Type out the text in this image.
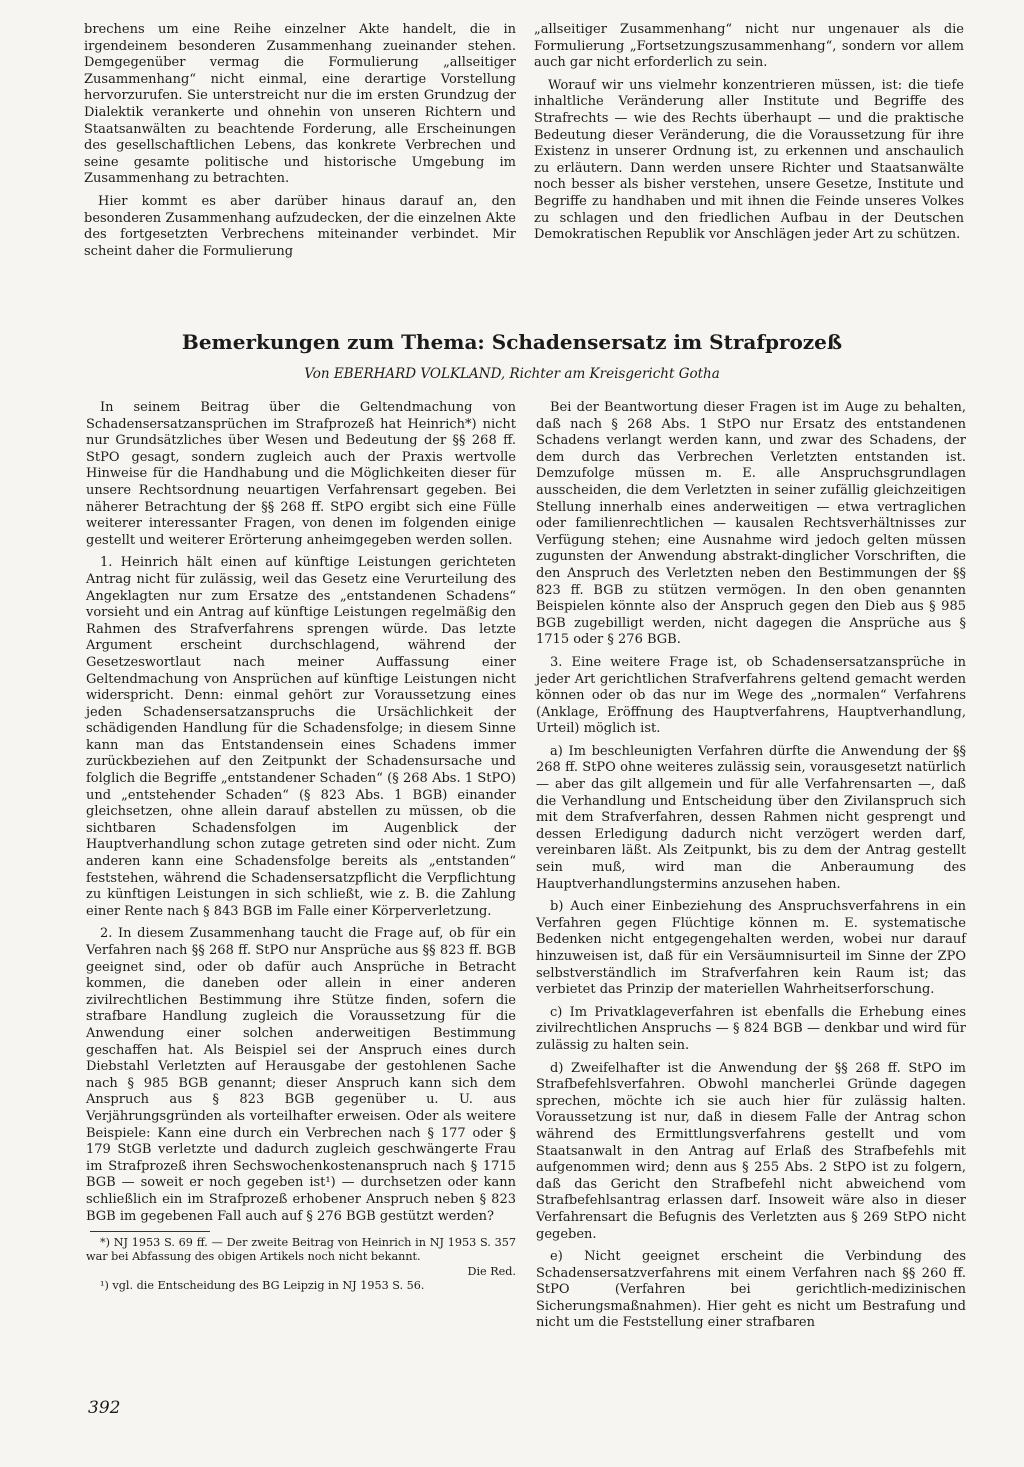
brechens um eine Reihe einzelner Akte handelt, die in irgendeinem besonderen Zusammenhang zueinander stehen. Demgegenüber vermag die Formulierung „allseitiger Zusammenhang“ nicht einmal, eine derartige Vorstellung hervorzurufen. Sie unterstreicht nur die im ersten Grundzug der Dialektik verankerte und ohnehin von unseren Richtern und Staatsanwälten zu beachtende Forderung, alle Erscheinungen des gesellschaftlichen Lebens, das konkrete Verbrechen und seine gesamte politische und historische Umgebung im Zusammenhang zu betrachten.

Hier kommt es aber darüber hinaus darauf an, den besonderen Zusammenhang aufzudecken, der die einzelnen Akte des fortgesetzten Verbrechens miteinander verbindet. Mir scheint daher die Formulierung

„allseitiger Zusammenhang“ nicht nur ungenauer als die Formulierung „Fortsetzungszusammenhang“, sondern vor allem auch gar nicht erforderlich zu sein.

Worauf wir uns vielmehr konzentrieren müssen, ist: die tiefe inhaltliche Veränderung aller Institute und Begriffe des Strafrechts — wie des Rechts überhaupt — und die praktische Bedeutung dieser Veränderung, die die Voraussetzung für ihre Existenz in unserer Ordnung ist, zu erkennen und anschaulich zu erläutern. Dann werden unsere Richter und Staatsanwälte noch besser als bisher verstehen, unsere Gesetze, Institute und Begriffe zu handhaben und mit ihnen die Feinde unseres Volkes zu schlagen und den friedlichen Aufbau in der Deutschen Demokratischen Republik vor Anschlägen jeder Art zu schützen.

Bemerkungen zum Thema: Schadensersatz im Strafprozeß
Von EBERHARD VOLKLAND, Richter am Kreisgericht Gotha

In seinem Beitrag über die Geltendmachung von Schadensersatzansprüchen im Strafprozeß hat Heinrich*) nicht nur Grundsätzliches über Wesen und Bedeutung der §§ 268 ff. StPO gesagt, sondern zugleich auch der Praxis wertvolle Hinweise für die Handhabung und die Möglichkeiten dieser für unsere Rechtsordnung neuartigen Verfahrensart gegeben. Bei näherer Betrachtung der §§ 268 ff. StPO ergibt sich eine Fülle weiterer interessanter Fragen, von denen im folgenden einige gestellt und weiterer Erörterung anheimgegeben werden sollen.

1. Heinrich hält einen auf künftige Leistungen gerichteten Antrag nicht für zulässig, weil das Gesetz eine Verurteilung des Angeklagten nur zum Ersatze des „entstandenen Schadens“ vorsieht und ein Antrag auf künftige Leistungen regelmäßig den Rahmen des Strafverfahrens sprengen würde. Das letzte Argument erscheint durchschlagend, während der Gesetzeswortlaut nach meiner Auffassung einer Geltendmachung von Ansprüchen auf künftige Leistungen nicht widerspricht. Denn: einmal gehört zur Voraussetzung eines jeden Schadensersatzanspruchs die Ursächlichkeit der schädigenden Handlung für die Schadensfolge; in diesem Sinne kann man das Entstandensein eines Schadens immer zurückbeziehen auf den Zeitpunkt der Schadensursache und folglich die Begriffe „entstandener Schaden“ (§ 268 Abs. 1 StPO) und „entstehender Schaden“ (§ 823 Abs. 1 BGB) einander gleichsetzen, ohne allein darauf abstellen zu müssen, ob die sichtbaren Schadensfolgen im Augenblick der Hauptverhandlung schon zutage getreten sind oder nicht. Zum anderen kann eine Schadensfolge bereits als „entstanden“ feststehen, während die Schadensersatzpflicht die Verpflichtung zu künftigen Leistungen in sich schließt, wie z. B. die Zahlung einer Rente nach § 843 BGB im Falle einer Körperverletzung.

2. In diesem Zusammenhang taucht die Frage auf, ob für ein Verfahren nach §§ 268 ff. StPO nur Ansprüche aus §§ 823 ff. BGB geeignet sind, oder ob dafür auch Ansprüche in Betracht kommen, die daneben oder allein in einer anderen zivilrechtlichen Bestimmung ihre Stütze finden, sofern die strafbare Handlung zugleich die Voraussetzung für die Anwendung einer solchen anderweitigen Bestimmung geschaffen hat. Als Beispiel sei der Anspruch eines durch Diebstahl Verletzten auf Herausgabe der gestohlenen Sache nach § 985 BGB genannt; dieser Anspruch kann sich dem Anspruch aus § 823 BGB gegenüber u. U. aus Verjährungsgründen als vorteilhafter erweisen. Oder als weitere Beispiele: Kann eine durch ein Verbrechen nach § 177 oder § 179 StGB verletzte und dadurch zugleich geschwängerte Frau im Strafprozeß ihren Sechswochenkostenanspruch nach § 1715 BGB — soweit er noch gegeben ist¹) — durchsetzen oder kann schließlich ein im Strafprozeß erhobener Anspruch neben § 823 BGB im gegebenen Fall auch auf § 276 BGB gestützt werden?

*) NJ 1953 S. 69 ff. — Der zweite Beitrag von Heinrich in NJ 1953 S. 357 war bei Abfassung des obigen Artikels noch nicht bekannt.

Die Red.

¹) vgl. die Entscheidung des BG Leipzig in NJ 1953 S. 56.

Bei der Beantwortung dieser Fragen ist im Auge zu behalten, daß nach § 268 Abs. 1 StPO nur Ersatz des entstandenen Schadens verlangt werden kann, und zwar des Schadens, der dem durch das Verbrechen Verletzten entstanden ist. Demzufolge müssen m. E. alle Anspruchsgrundlagen ausscheiden, die dem Verletzten in seiner zufällig gleichzeitigen Stellung innerhalb eines anderweitigen — etwa vertraglichen oder familienrechtlichen — kausalen Rechtsverhältnisses zur Verfügung stehen; eine Ausnahme wird jedoch gelten müssen zugunsten der Anwendung abstrakt-dinglicher Vorschriften, die den Anspruch des Verletzten neben den Bestimmungen der §§ 823 ff. BGB zu stützen vermögen. In den oben genannten Beispielen könnte also der Anspruch gegen den Dieb aus § 985 BGB zugebilligt werden, nicht dagegen die Ansprüche aus § 1715 oder § 276 BGB.

3. Eine weitere Frage ist, ob Schadensersatzansprüche in jeder Art gerichtlichen Strafverfahrens geltend gemacht werden können oder ob das nur im Wege des „normalen“ Verfahrens (Anklage, Eröffnung des Hauptverfahrens, Hauptverhandlung, Urteil) möglich ist.

a) Im beschleunigten Verfahren dürfte die Anwendung der §§ 268 ff. StPO ohne weiteres zulässig sein, vorausgesetzt natürlich — aber das gilt allgemein und für alle Verfahrensarten —, daß die Verhandlung und Entscheidung über den Zivilanspruch sich mit dem Strafverfahren, dessen Rahmen nicht gesprengt und dessen Erledigung dadurch nicht verzögert werden darf, vereinbaren läßt. Als Zeitpunkt, bis zu dem der Antrag gestellt sein muß, wird man die Anberaumung des Hauptverhandlungstermins anzusehen haben.

b) Auch einer Einbeziehung des Anspruchsverfahrens in ein Verfahren gegen Flüchtige können m. E. systematische Bedenken nicht entgegengehalten werden, wobei nur darauf hinzuweisen ist, daß für ein Versäumnisurteil im Sinne der ZPO selbstverständlich im Strafverfahren kein Raum ist; das verbietet das Prinzip der materiellen Wahrheitserforschung.

c) Im Privatklageverfahren ist ebenfalls die Erhebung eines zivilrechtlichen Anspruchs — § 824 BGB — denkbar und wird für zulässig zu halten sein.

d) Zweifelhafter ist die Anwendung der §§ 268 ff. StPO im Strafbefehlsverfahren. Obwohl mancherlei Gründe dagegen sprechen, möchte ich sie auch hier für zulässig halten. Voraussetzung ist nur, daß in diesem Falle der Antrag schon während des Ermittlungsverfahrens gestellt und vom Staatsanwalt in den Antrag auf Erlaß des Strafbefehls mit aufgenommen wird; denn aus § 255 Abs. 2 StPO ist zu folgern, daß das Gericht den Strafbefehl nicht abweichend vom Strafbefehlsantrag erlassen darf. Insoweit wäre also in dieser Verfahrensart die Befugnis des Verletzten aus § 269 StPO nicht gegeben.

e) Nicht geeignet erscheint die Verbindung des Schadensersatzverfahrens mit einem Verfahren nach §§ 260 ff. StPO (Verfahren bei gerichtlich-medizinischen Sicherungsmaßnahmen). Hier geht es nicht um Bestrafung und nicht um die Feststellung einer strafbaren

392
